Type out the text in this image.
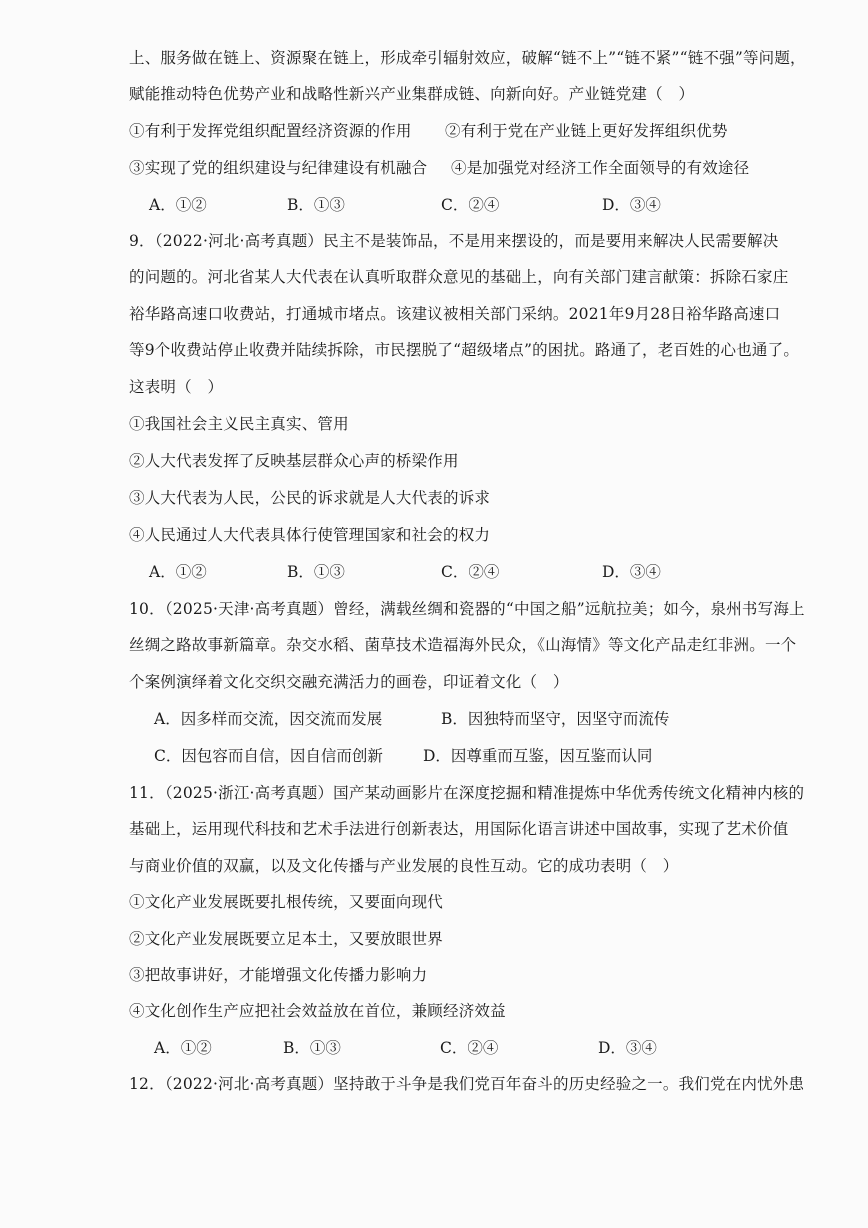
上、服务做在链上、资源聚在链上，形成牵引辐射效应，破解“链不上”“链不紧”“链不强”等问题，
赋能推动特色优势产业和战略性新兴产业集群成链、向新向好。产业链党建（　）
①有利于发挥党组织配置经济资源的作用 ②有利于党在产业链上更好发挥组织优势
③实现了党的组织建设与纪律建设有机融合 ④是加强党对经济工作全面领导的有效途径
A．①②	B．①③	C．②④	D．③④
9．（2022·河北·高考真题）民主不是装饰品，不是用来摆设的，而是要用来解决人民需要解决
的问题的。河北省某人大代表在认真听取群众意见的基础上，向有关部门建言献策：拆除石家庄
裕华路高速口收费站，打通城市堵点。该建议被相关部门采纳。2021年9月28日裕华路高速口
等9个收费站停止收费并陆续拆除，市民摆脱了“超级堵点”的困扰。路通了，老百姓的心也通了。
这表明（　）
①我国社会主义民主真实、管用
②人大代表发挥了反映基层群众心声的桥梁作用
③人大代表为人民，公民的诉求就是人大代表的诉求
④人民通过人大代表具体行使管理国家和社会的权力
A．①②	B．①③	C．②④	D．③④
10．（2025·天津·高考真题）曾经，满载丝绸和瓷器的“中国之船”远航拉美；如今，泉州书写海上
丝绸之路故事新篇章。杂交水稻、菌草技术造福海外民众，《山海情》等文化产品走红非洲。一个
个案例演绎着文化交织交融充满活力的画卷，印证着文化（　）
A．因多样而交流，因交流而发展	B．因独特而坚守，因坚守而流传
C．因包容而自信，因自信而创新	D．因尊重而互鉴，因互鉴而认同
11．（2025·浙江·高考真题）国产某动画影片在深度挖掘和精准提炼中华优秀传统文化精神内核的
基础上，运用现代科技和艺术手法进行创新表达，用国际化语言讲述中国故事，实现了艺术价值
与商业价值的双赢，以及文化传播与产业发展的良性互动。它的成功表明（　）
①文化产业发展既要扎根传统，又要面向现代
②文化产业发展既要立足本土，又要放眼世界
③把故事讲好，才能增强文化传播力影响力
④文化创作生产应把社会效益放在首位，兼顾经济效益
A．①②	B．①③	C．②④	D．③④
12．（2022·河北·高考真题）坚持敢于斗争是我们党百年奋斗的历史经验之一。我们党在内忧外患
